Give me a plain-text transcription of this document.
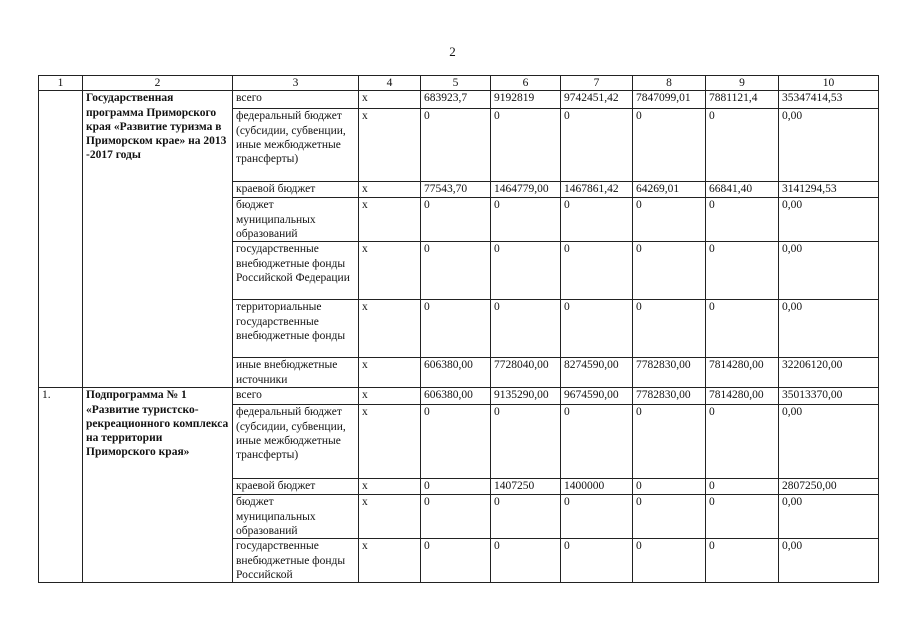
2
1	2	3	4	5	6	7	8	9	10
	Государственная программа Приморского края «Развитие туризма в Приморском крае» на 2013 -2017 годы	всего	х	683923,7	9192819	9742451,42	7847099,01	7881121,4	35347414,53
		федеральный бюджет (субсидии, субвенции, иные межбюджетные трансферты)	х	0	0	0	0	0	0,00
		краевой бюджет	х	77543,70	1464779,00	1467861,42	64269,01	66841,40	3141294,53
		бюджет муниципальных образований	х	0	0	0	0	0	0,00
		государственные внебюджетные фонды Российской Федерации	х	0	0	0	0	0	0,00
		территориальные государственные внебюджетные фонды	х	0	0	0	0	0	0,00
		иные внебюджетные источники	х	606380,00	7728040,00	8274590,00	7782830,00	7814280,00	32206120,00
1.	Подпрограмма № 1 «Развитие туристско-рекреационного комплекса на территории Приморского края»	всего	х	606380,00	9135290,00	9674590,00	7782830,00	7814280,00	35013370,00
		федеральный бюджет (субсидии, субвенции, иные межбюджетные трансферты)	х	0	0	0	0	0	0,00
		краевой бюджет	х	0	1407250	1400000	0	0	2807250,00
		бюджет муниципальных образований	х	0	0	0	0	0	0,00
		государственные внебюджетные фонды Российской	х	0	0	0	0	0	0,00
